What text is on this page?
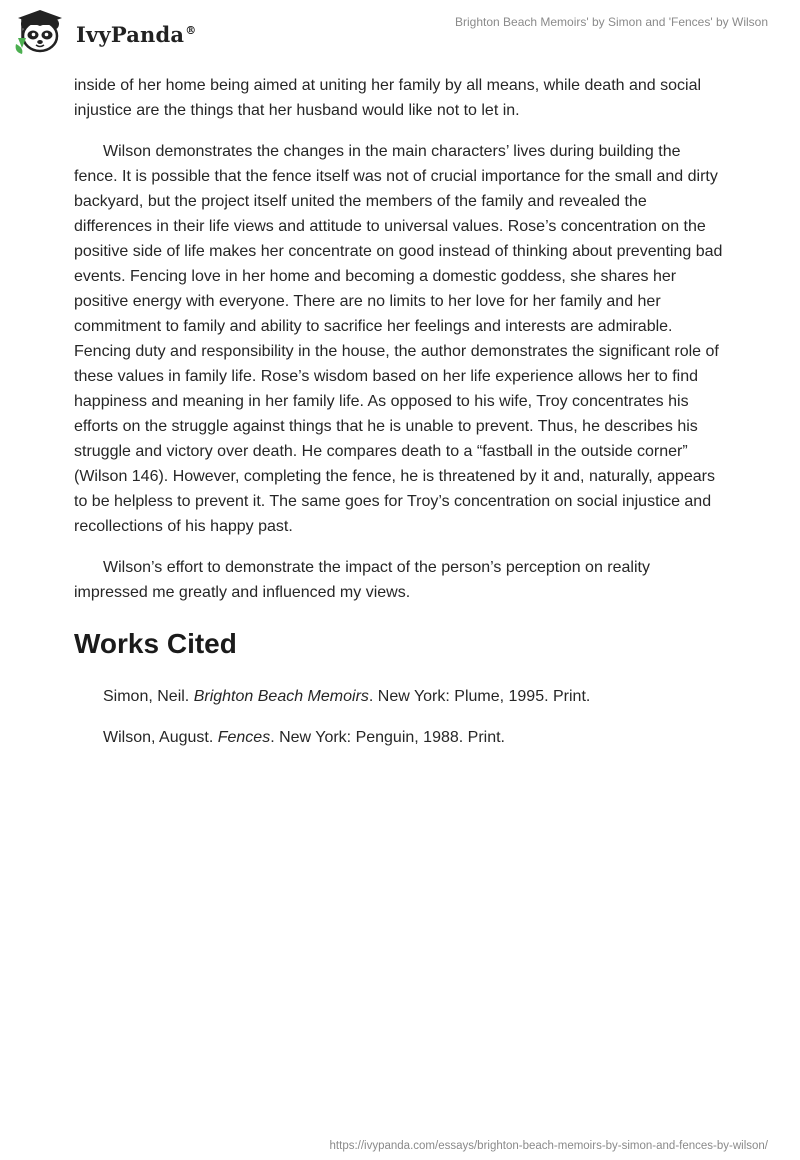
IvyPanda®
Brighton Beach Memoirs' by Simon and 'Fences' by Wilson

inside of her home being aimed at uniting her family by all means, while death and social injustice are the things that her husband would like not to let in.

Wilson demonstrates the changes in the main characters’ lives during building the fence. It is possible that the fence itself was not of crucial importance for the small and dirty backyard, but the project itself united the members of the family and revealed the differences in their life views and attitude to universal values. Rose’s concentration on the positive side of life makes her concentrate on good instead of thinking about preventing bad events. Fencing love in her home and becoming a domestic goddess, she shares her positive energy with everyone. There are no limits to her love for her family and her commitment to family and ability to sacrifice her feelings and interests are admirable. Fencing duty and responsibility in the house, the author demonstrates the significant role of these values in family life. Rose’s wisdom based on her life experience allows her to find happiness and meaning in her family life. As opposed to his wife, Troy concentrates his efforts on the struggle against things that he is unable to prevent. Thus, he describes his struggle and victory over death. He compares death to a “fastball in the outside corner” (Wilson 146). However, completing the fence, he is threatened by it and, naturally, appears to be helpless to prevent it. The same goes for Troy’s concentration on social injustice and recollections of his happy past.

Wilson’s effort to demonstrate the impact of the person’s perception on reality impressed me greatly and influenced my views.

Works Cited

Simon, Neil. Brighton Beach Memoirs. New York: Plume, 1995. Print.

Wilson, August. Fences. New York: Penguin, 1988. Print.

https://ivypanda.com/essays/brighton-beach-memoirs-by-simon-and-fences-by-wilson/
